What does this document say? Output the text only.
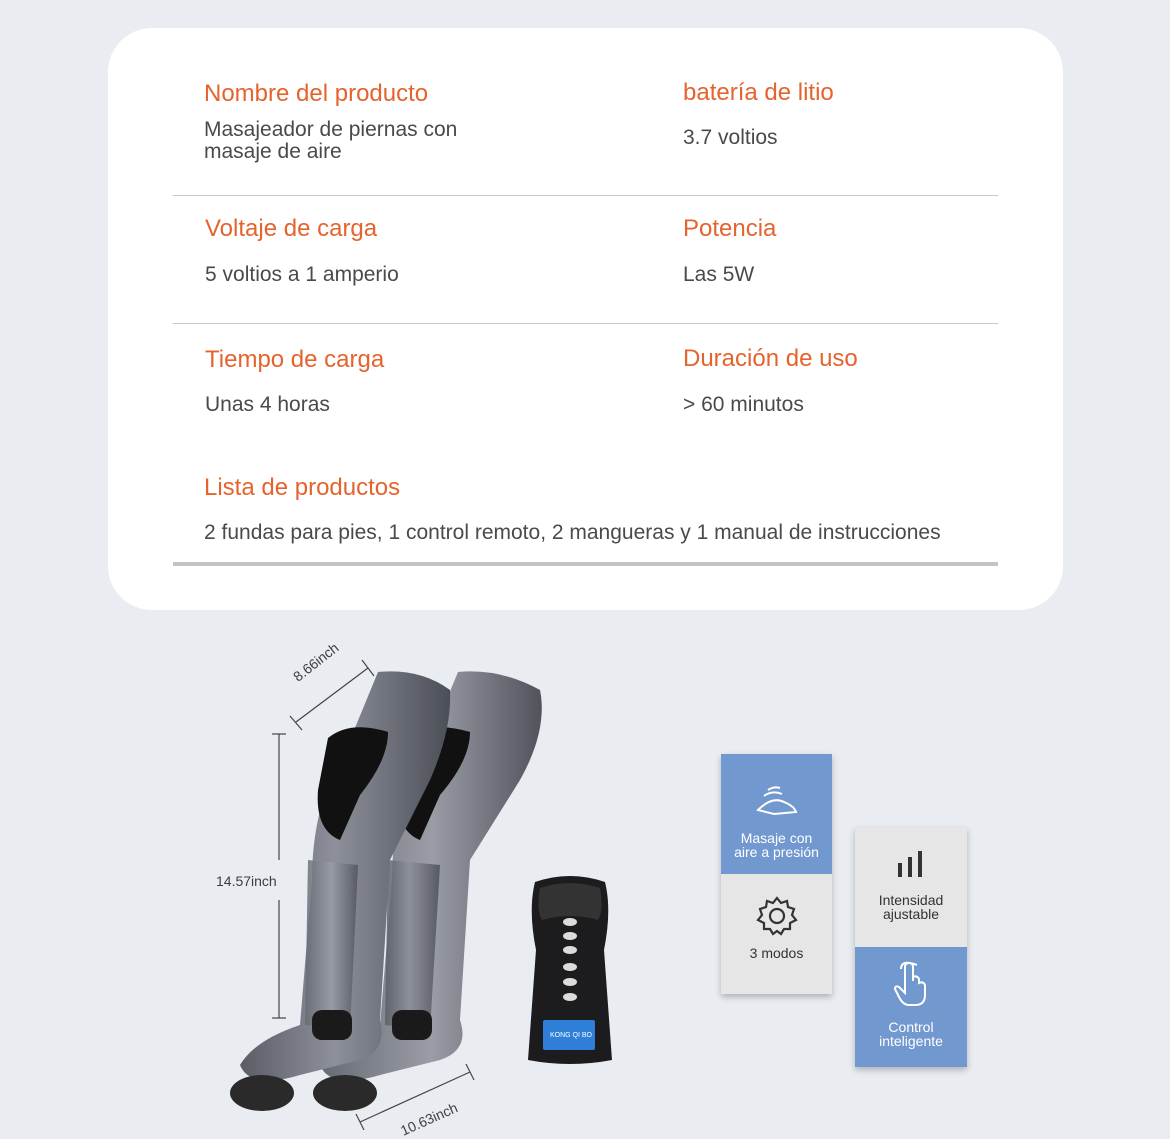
Nombre del producto
Masajeador de piernas con
masaje de aire
batería de litio
3.7 voltios
Voltaje de carga
5 voltios a 1 amperio
Potencia
Las 5W
Tiempo de carga
Unas 4 horas
Duración de uso
> 60 minutos
Lista de productos
2 fundas para pies, 1 control remoto, 2 mangueras y 1 manual de instrucciones
8.66inch
14.57inch
10.63inch
KONG QI BO
Masaje con
aire a presión
3 modos
Intensidad
ajustable
Control
inteligente
